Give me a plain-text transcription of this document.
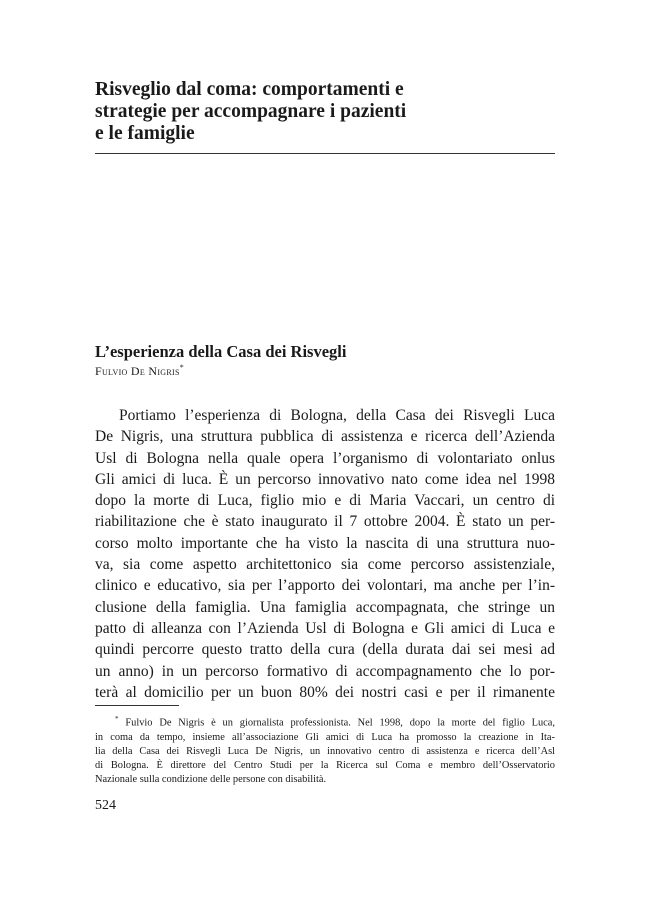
Risveglio dal coma: comportamenti e
strategie per accompagnare i pazienti
e le famiglie
L’esperienza della Casa dei Risvegli
Fulvio De Nigris*
Portiamo l’esperienza di Bologna, della Casa dei Risvegli Luca
De Nigris, una struttura pubblica di assistenza e ricerca dell’Azienda
Usl di Bologna nella quale opera l’organismo di volontariato onlus
Gli amici di luca. È un percorso innovativo nato come idea nel 1998
dopo la morte di Luca, figlio mio e di Maria Vaccari, un centro di
riabilitazione che è stato inaugurato il 7 ottobre 2004. È stato un per-
corso molto importante che ha visto la nascita di una struttura nuo-
va, sia come aspetto architettonico sia come percorso assistenziale,
clinico e educativo, sia per l’apporto dei volontari, ma anche per l’in-
clusione della famiglia. Una famiglia accompagnata, che stringe un
patto di alleanza con l’Azienda Usl di Bologna e Gli amici di Luca e
quindi percorre questo tratto della cura (della durata dai sei mesi ad
un anno) in un percorso formativo di accompagnamento che lo por-
terà al domicilio per un buon 80% dei nostri casi e per il rimanente
* Fulvio De Nigris è un giornalista professionista. Nel 1998, dopo la morte del figlio Luca,
in coma da tempo, insieme all’associazione Gli amici di Luca ha promosso la creazione in Ita-
lia della Casa dei Risvegli Luca De Nigris, un innovativo centro di assistenza e ricerca dell’Asl
di Bologna. È direttore del Centro Studi per la Ricerca sul Coma e membro dell’Osservatorio
Nazionale sulla condizione delle persone con disabilità.
524
